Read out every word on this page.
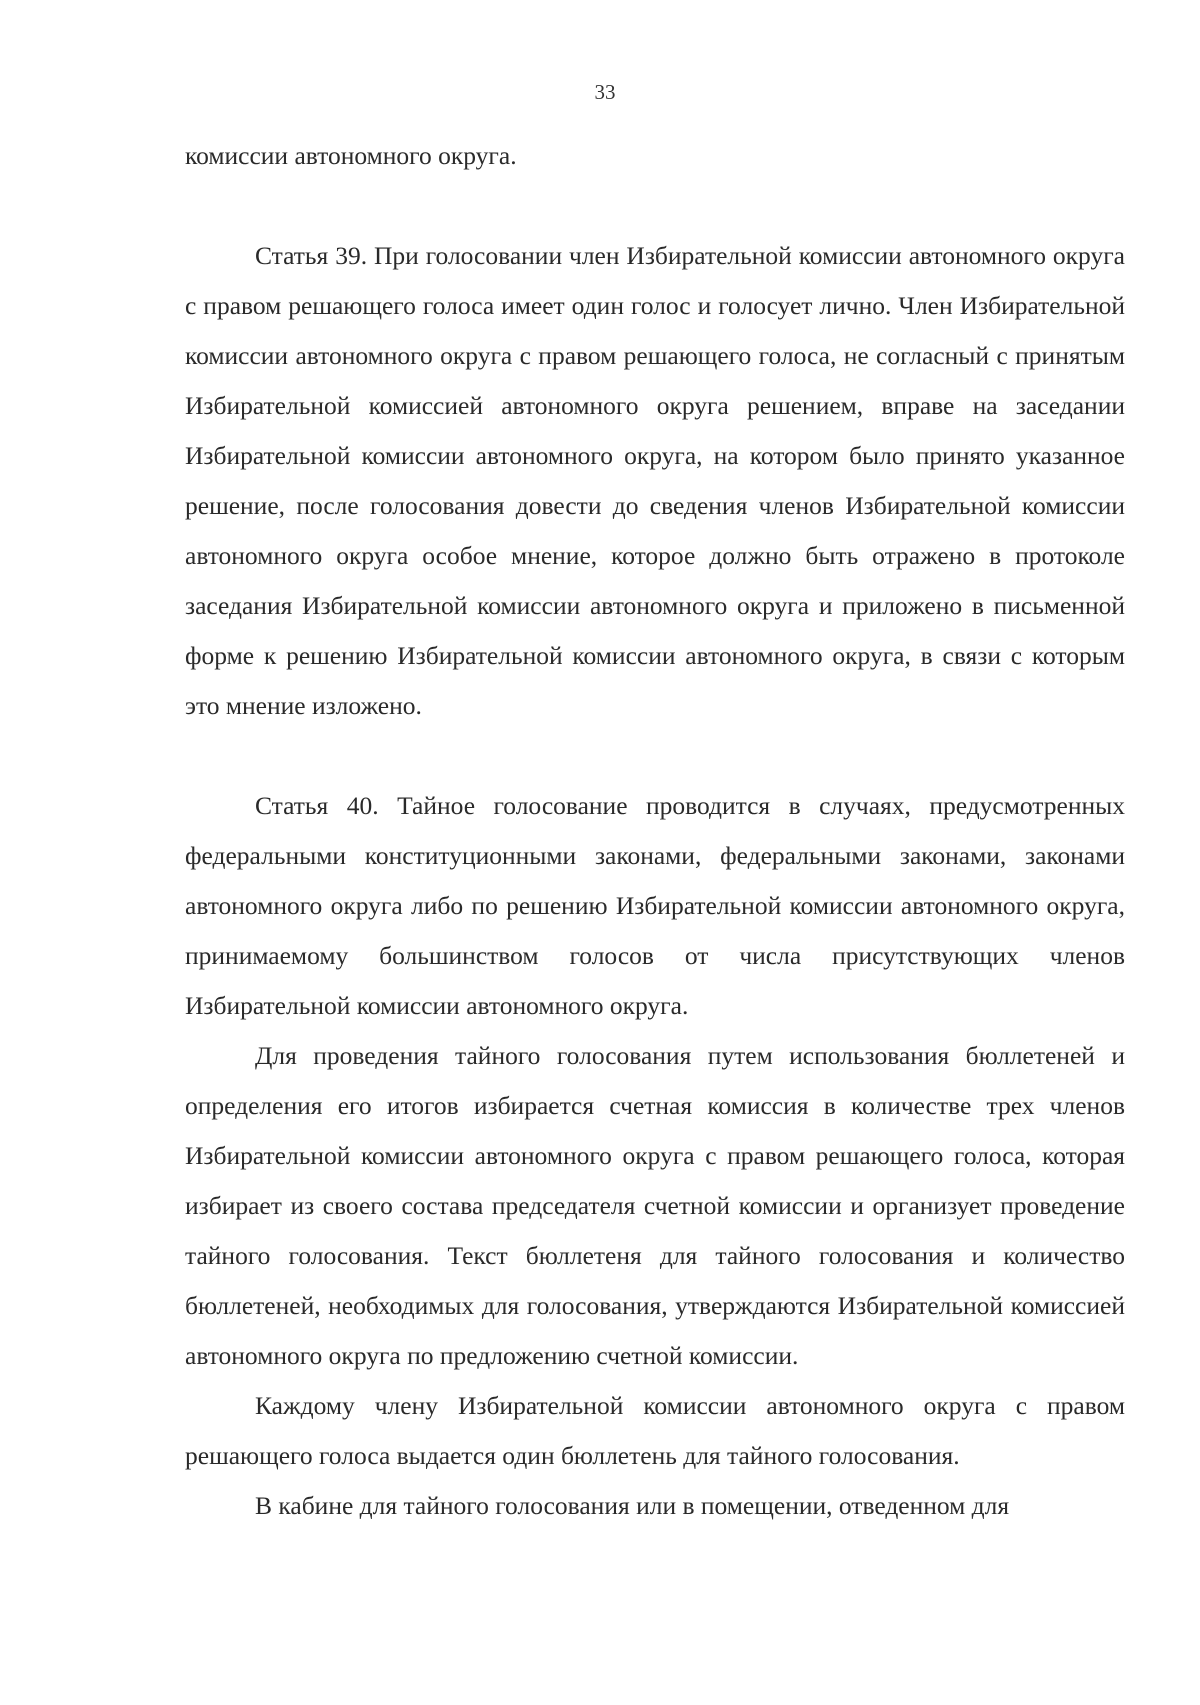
33

комиссии автономного округа.

Статья 39. При голосовании член Избирательной комиссии автономного округа с правом решающего голоса имеет один голос и голосует лично. Член Избирательной комиссии автономного округа с правом решающего голоса, не согласный с принятым Избирательной комиссией автономного округа решением, вправе на заседании Избирательной комиссии автономного округа, на котором было принято указанное решение, после голосования довести до сведения членов Избирательной комиссии автономного округа особое мнение, которое должно быть отражено в протоколе заседания Избирательной комиссии автономного округа и приложено в письменной форме к решению Избирательной комиссии автономного округа, в связи с которым это мнение изложено.

Статья 40. Тайное голосование проводится в случаях, предусмотренных федеральными конституционными законами, федеральными законами, законами автономного округа либо по решению Избирательной комиссии автономного округа, принимаемому большинством голосов от числа присутствующих членов Избирательной комиссии автономного округа.

Для проведения тайного голосования путем использования бюллетеней и определения его итогов избирается счетная комиссия в количестве трех членов Избирательной комиссии автономного округа с правом решающего голоса, которая избирает из своего состава председателя счетной комиссии и организует проведение тайного голосования. Текст бюллетеня для тайного голосования и количество бюллетеней, необходимых для голосования, утверждаются Избирательной комиссией автономного округа по предложению счетной комиссии.

Каждому члену Избирательной комиссии автономного округа с правом решающего голоса выдается один бюллетень для тайного голосования.

В кабине для тайного голосования или в помещении, отведенном для
